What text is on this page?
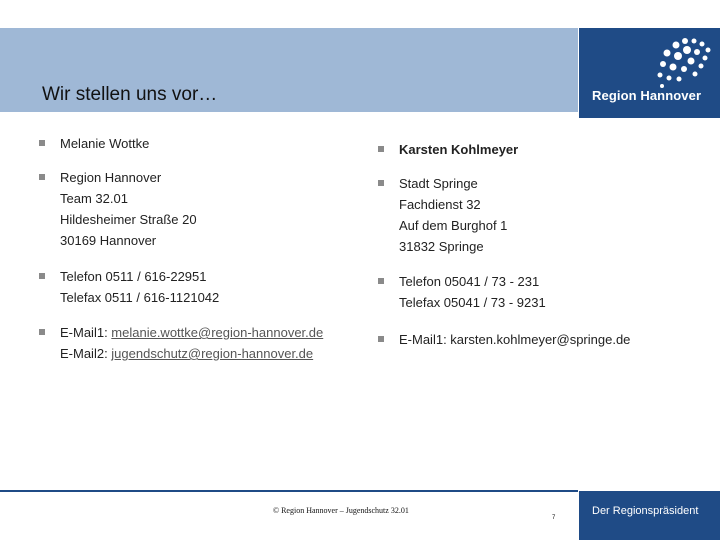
Wir stellen uns vor…	Region Hannover
Melanie Wottke
Region Hannover
Team 32.01
Hildesheimer Straße 20
30169 Hannover
Telefon 0511 / 616-22951
Telefax 0511 / 616-1121042
E-Mail1: melanie.wottke@region-hannover.de
E-Mail2: jugendschutz@region-hannover.de
Karsten Kohlmeyer
Stadt Springe
Fachdienst 32
Auf dem Burghof 1
31832 Springe
Telefon 05041 / 73 - 231
Telefax 05041 / 73 - 9231
E-Mail1: karsten.kohlmeyer@springe.de
Der Regionspräsident
© Region Hannover – Jugendschutz 32.01
7
